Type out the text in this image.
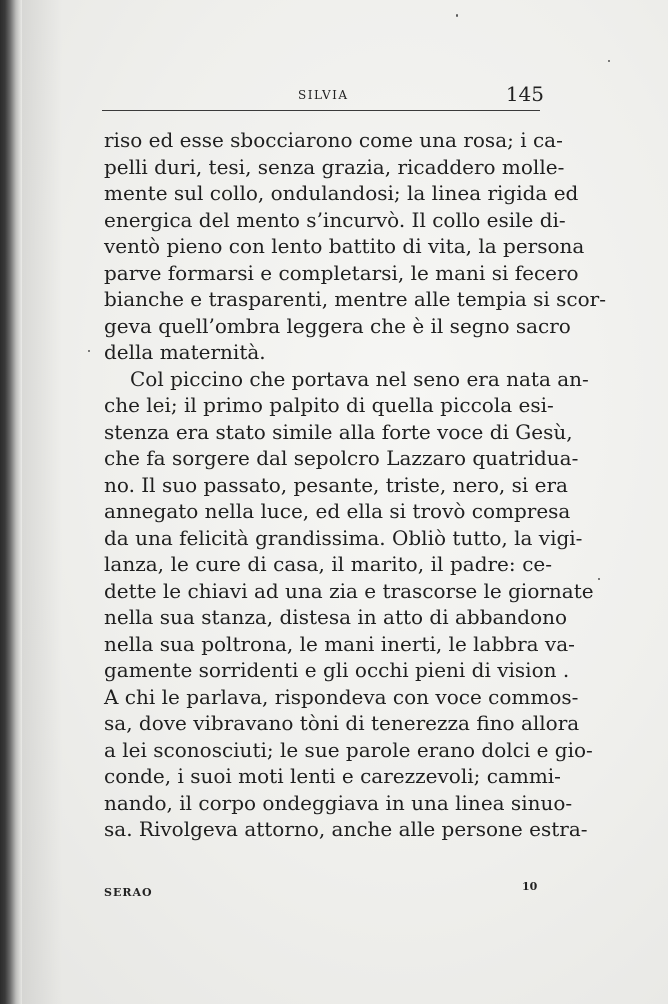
SILVIA	145
riso ed esse sbocciarono come una rosa; i ca-
pelli duri, tesi, senza grazia, ricaddero molle-
mente sul collo, ondulandosi; la linea rigida ed
energica del mento s’incurvò. Il collo esile di-
ventò pieno con lento battito di vita, la persona
parve formarsi e completarsi, le mani si fecero
bianche e trasparenti, mentre alle tempia si scor-
geva quell’ombra leggera che è il segno sacro
della maternità.
Col piccino che portava nel seno era nata an-
che lei; il primo palpito di quella piccola esi-
stenza era stato simile alla forte voce di Gesù,
che fa sorgere dal sepolcro Lazzaro quatridua-
no. Il suo passato, pesante, triste, nero, si era
annegato nella luce, ed ella si trovò compresa
da una felicità grandissima. Obliò tutto, la vigi-
lanza, le cure di casa, il marito, il padre: ce-
dette le chiavi ad una zia e trascorse le giornate
nella sua stanza, distesa in atto di abbandono
nella sua poltrona, le mani inerti, le labbra va-
gamente sorridenti e gli occhi pieni di vision .
A chi le parlava, rispondeva con voce commos-
sa, dove vibravano tòni di tenerezza fino allora
a lei sconosciuti; le sue parole erano dolci e gio-
conde, i suoi moti lenti e carezzevoli; cammi-
nando, il corpo ondeggiava in una linea sinuo-
sa. Rivolgeva attorno, anche alle persone estra-
SERAO	10
